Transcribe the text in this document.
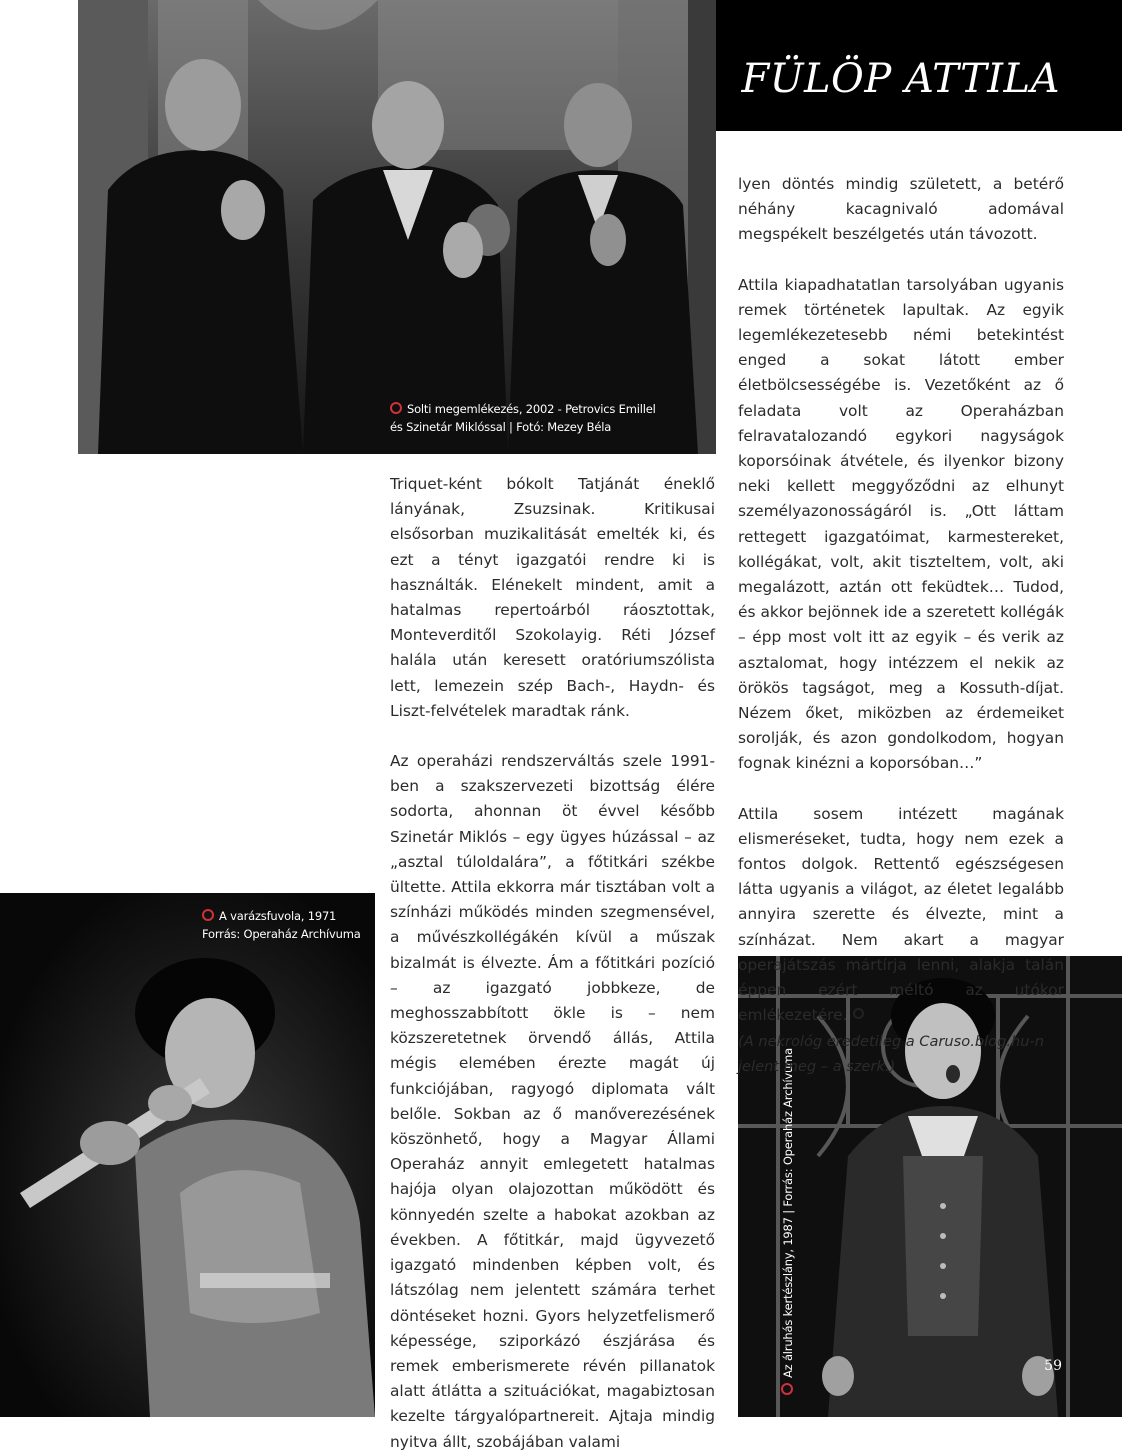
Solti megemlékezés, 2002 - Petrovics Emillel
és Szinetár Miklóssal | Fotó: Mezey Béla
FÜLÖP ATTILA
A varázsfuvola, 1971
Forrás: Operaház Archívuma
Az álruhás kertészlány, 1987 | Forrás: Operaház Archívuma	59

Triquet-ként bókolt Tatjánát éneklő lányának, Zsuzsinak. Kritikusai elsősorban muzikalitását emelték ki, és ezt a tényt igazgatói rendre ki is használták. Elénekelt mindent, amit a hatalmas repertoárból ráosztottak, Monteverditől Szokolayig. Réti József halála után keresett oratóriumszólista lett, lemezein szép Bach-, Haydn- és Liszt-felvételek maradtak ránk.

Az operaházi rendszerváltás szele 1991-ben a szakszervezeti bizottság élére sodorta, ahonnan öt évvel később Szinetár Miklós – egy ügyes húzással – az „asztal túloldalára”, a főtitkári székbe ültette. Attila ekkorra már tisztában volt a színházi működés minden szegmensével, a művészkollégákén kívül a műszak bizalmát is élvezte. Ám a főtitkári pozíció – az igazgató jobbkeze, de meghosszabbított ökle is – nem közszeretetnek örvendő állás, Attila mégis elemében érezte magát új funkciójában, ragyogó diplomata vált belőle. Sokban az ő manőverezésének köszönhető, hogy a Magyar Állami Operaház annyit emlegetett hatalmas hajója olyan olajozottan működött és könnyedén szelte a habokat azokban az években. A főtitkár, majd ügyvezető igazgató mindenben képben volt, és látszólag nem jelentett számára terhet döntéseket hozni. Gyors helyzetfelismerő képessége, sziporkázó észjárása és remek emberismerete révén pillanatok alatt átlátta a szituációkat, magabiztosan kezelte tárgyalópartnereit. Ajtaja mindig nyitva állt, szobájában valami

lyen döntés mindig született, a betérő néhány kacagnivaló adomával megspékelt beszélgetés után távozott.

Attila kiapadhatatlan tarsolyában ugyanis remek történetek lapultak. Az egyik legemlékezetesebb némi betekintést enged a sokat látott ember életbölcsességébe is. Vezetőként az ő feladata volt az Operaházban felravatalozandó egykori nagyságok koporsóinak átvétele, és ilyenkor bizony neki kellett meggyőződni az elhunyt személyazonosságáról is. „Ott láttam rettegett igazgatóimat, karmestereket, kollégákat, volt, akit tiszteltem, volt, aki megalázott, aztán ott feküdtek… Tudod, és akkor bejönnek ide a szeretett kollégák – épp most volt itt az egyik – és verik az asztalomat, hogy intézzem el nekik az örökös tagságot, meg a Kossuth-díjat. Nézem őket, miközben az érdemeiket sorolják, és azon gondolkodom, hogyan fognak kinézni a koporsóban…”

Attila sosem intézett magának elismeréseket, tudta, hogy nem ezek a fontos dolgok. Rettentő egészségesen látta ugyanis a világot, az életet legalább annyira szerette és élvezte, mint a színházat. Nem akart a magyar operajátszás mártírja lenni, alakja talán éppen ezért méltó az utókor emlékezetére.

(A nekrológ eredetileg a Caruso.blog.hu-n jelent meg – a szerk.)
